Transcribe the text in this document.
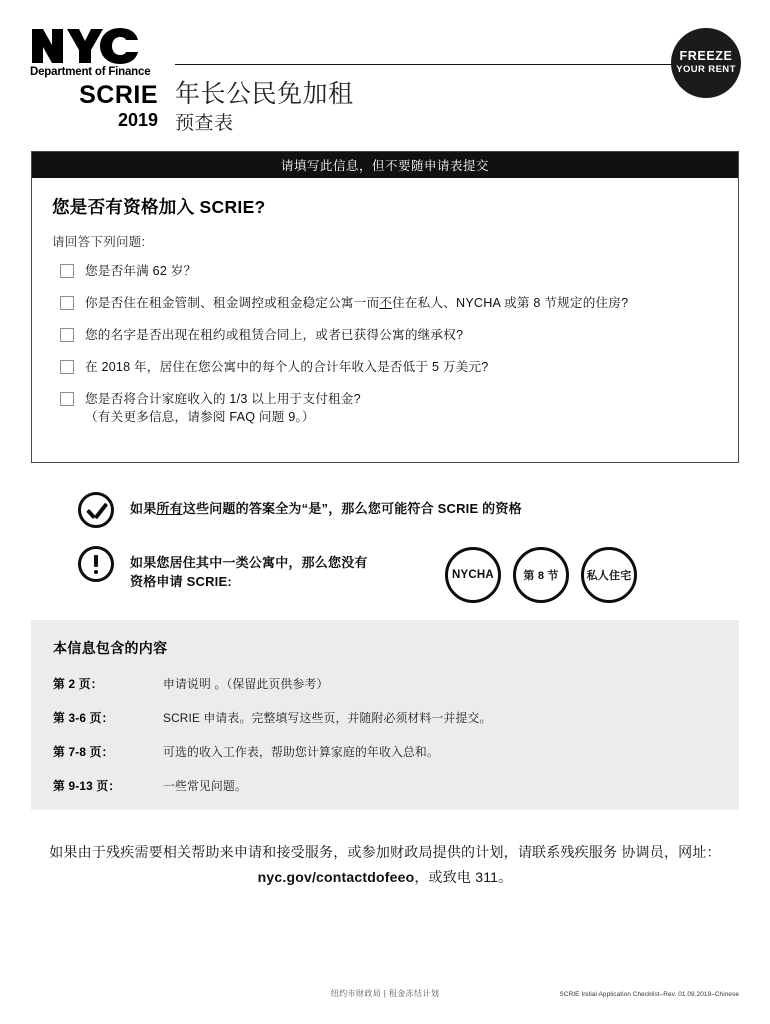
Department of Finance
SCRIE
2019
年长公民免加租
预查表
FREEZE
YOUR RENT
请填写此信息，但不要随申请表提交
您是否有资格加入 SCRIE?
请回答下列问题:
您是否年满 62 岁？
你是否住在租金管制、租金调控或租金稳定公寓一而不住在私人、NYCHA 或第 8 节规定的住房?
您的名字是否出现在租约或租赁合同上，或者已获得公寓的继承权?
在 2018 年，居住在您公寓中的每个人的合计年收入是否低于 5 万美元?
您是否将合计家庭收入的 1/3 以上用于支付租金?
（有关更多信息，请参阅 FAQ 问题 9。）
如果所有这些问题的答案全为“是”，那么您可能符合 SCRIE 的资格
如果您居住其中一类公寓中，那么您没有
资格申请 SCRIE:	NYCHA	第 8 节	私人住宅
本信息包含的内容
第 2 页：	申请说明 。（保留此页供参考）
第 3-6 页：	SCRIE 申请表。完整填写这些页，并随附必须材料一并提交。
第 7-8 页：	可选的收入工作表，帮助您计算家庭的年收入总和。
第 9-13 页：	一些常见问题。
如果由于残疾需要相关帮助来申请和接受服务，或参加财政局提供的计划，请联系残疾服务 协调员，网址：nyc.gov/contactdofeeo，或致电 311。
纽约市财政局 | 租金冻结计划	SCRIE Initial Application Checklist–Rev. 01.09.2019–Chinese
